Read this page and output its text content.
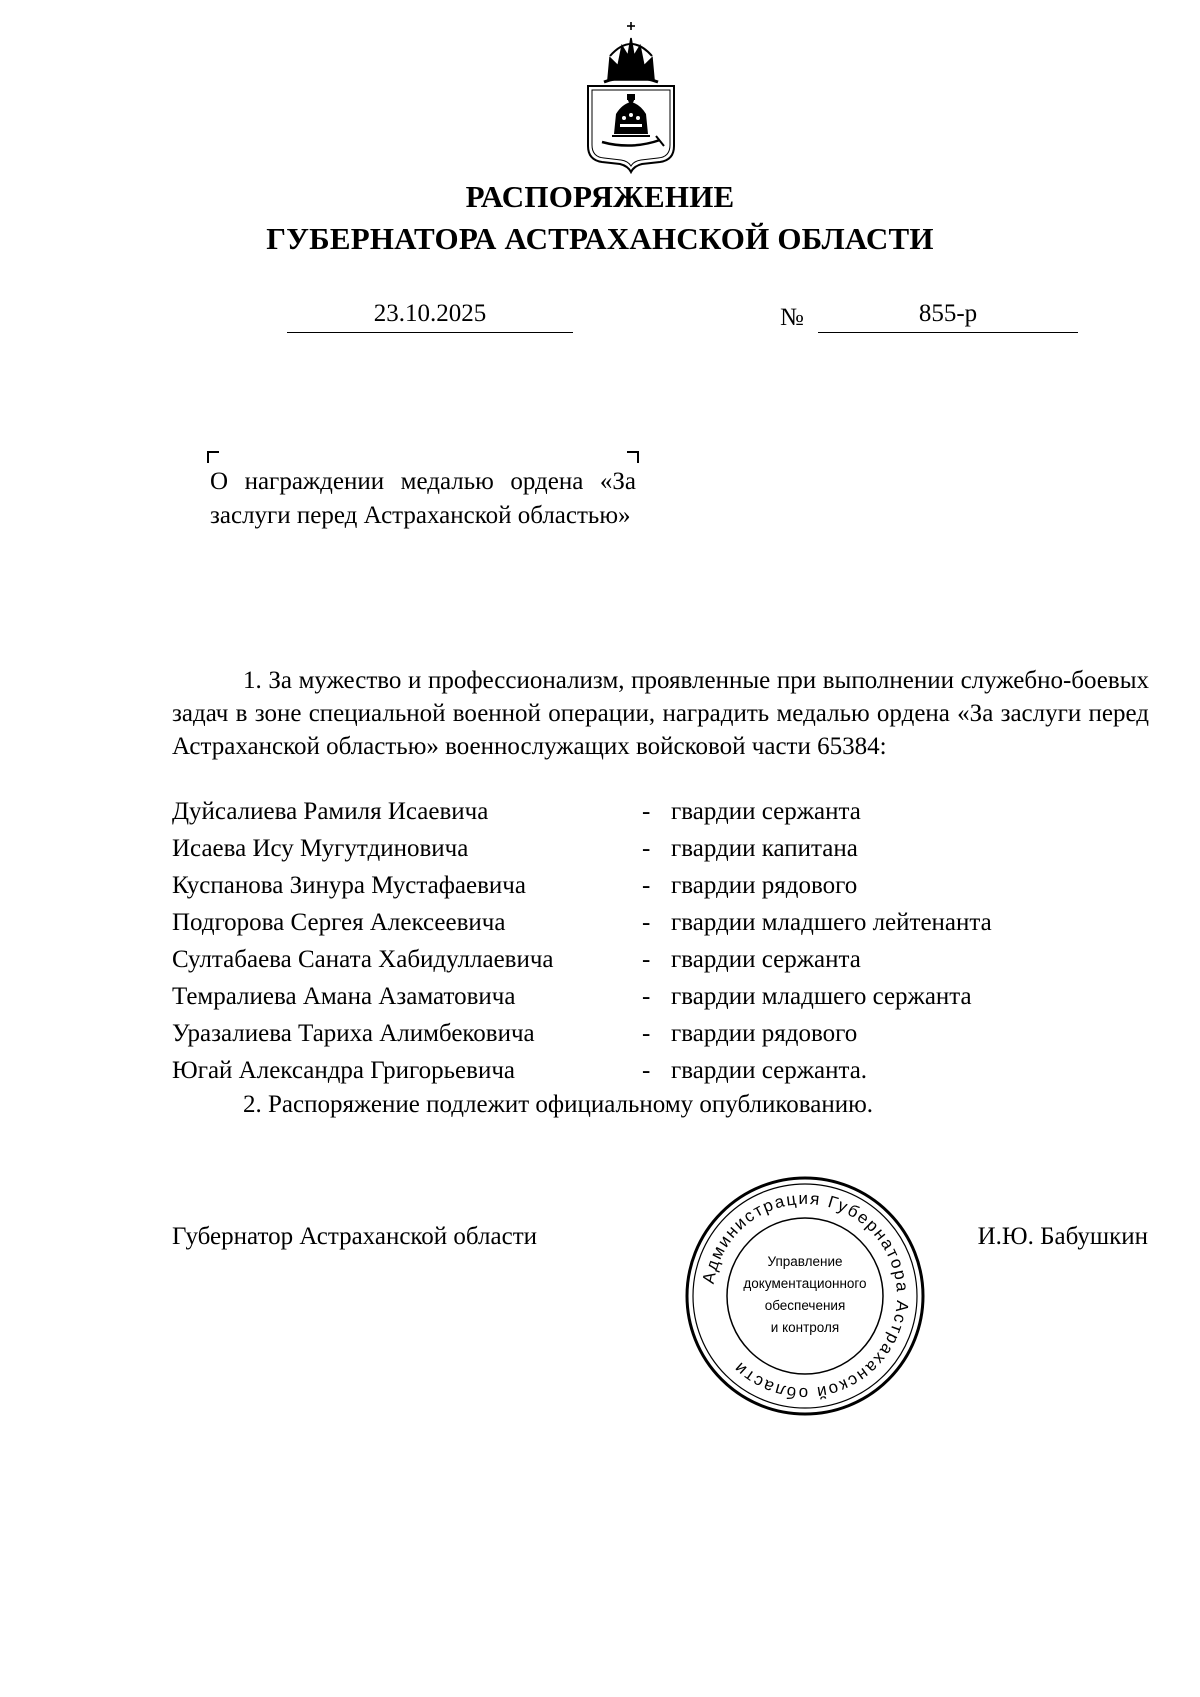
РАСПОРЯЖЕНИЕ
ГУБЕРНАТОРА АСТРАХАНСКОЙ ОБЛАСТИ
23.10.2025	№	855-р
О награждении медалью ордена «За заслуги перед Астраханской областью»

1. За мужество и профессионализм, проявленные при выполнении служебно-боевых задач в зоне специальной военной операции, наградить медалью ордена «За заслуги перед Астраханской областью» военнослужащих войсковой части 65384:

Дуйсалиева Рамиля Исаевича	- гвардии сержанта
Исаева Ису Мугутдиновича	- гвардии капитана
Куспанова Зинура Мустафаевича	- гвардии рядового
Подгорова Сергея Алексеевича	- гвардии младшего лейтенанта
Султабаева Саната Хабидуллаевича	- гвардии сержанта
Темралиева Амана Азаматовича	- гвардии младшего сержанта
Уразалиева Тариха Алимбековича	- гвардии рядового
Югай Александра Григорьевича	- гвардии сержанта.

2. Распоряжение подлежит официальному опубликованию.

Губернатор Астраханской области	И.Ю. Бабушкин
Администрация Губернатора Астраханской области
Управление
документационного
обеспечения
и контроля
